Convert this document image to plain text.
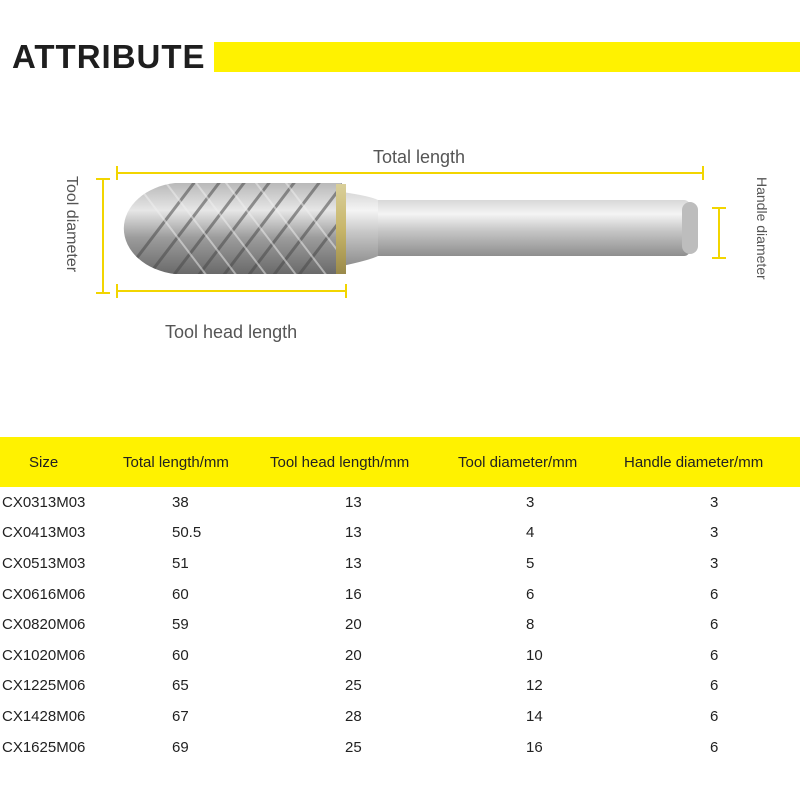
ATTRIBUTE
Total length
Tool head length
Tool diameter	Handle diameter
Size	Total length/mm	Tool head length/mm	Tool diameter/mm	Handle diameter/mm
CX0313M03	38	13	3	3
CX0413M03	50.5	13	4	3
CX0513M03	51	13	5	3
CX0616M06	60	16	6	6
CX0820M06	59	20	8	6
CX1020M06	60	20	10	6
CX1225M06	65	25	12	6
CX1428M06	67	28	14	6
CX1625M06	69	25	16	6
